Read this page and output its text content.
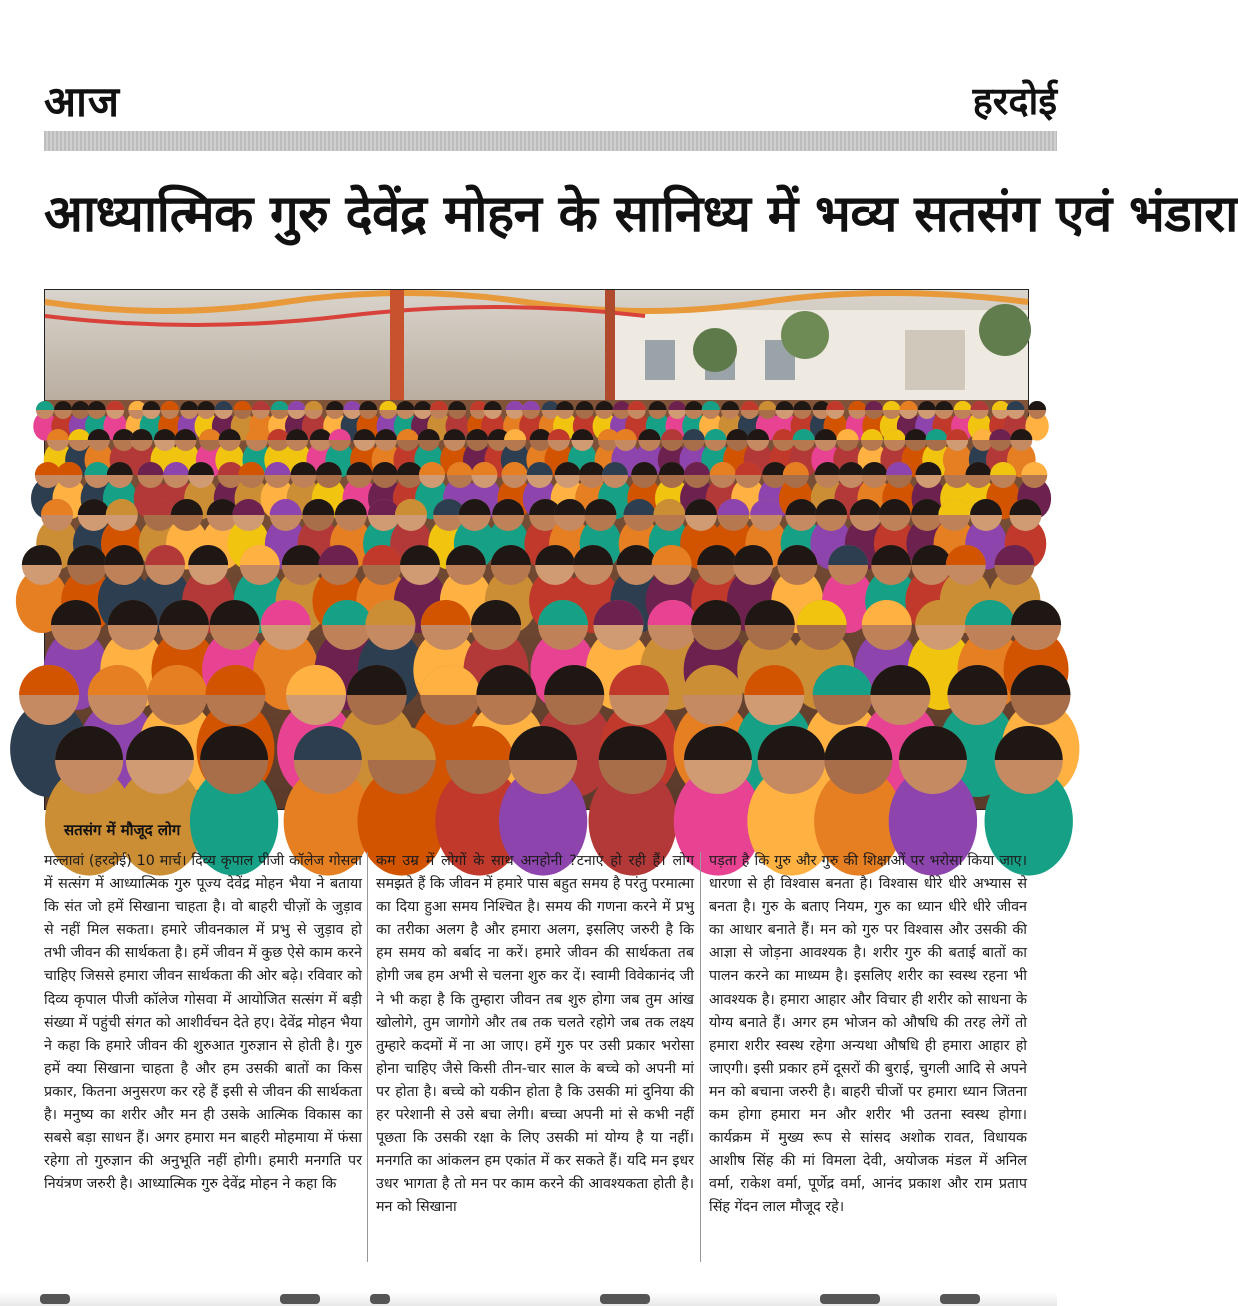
आज	हरदोई
आध्यात्मिक गुरु देवेंद्र मोहन के सानिध्य में भव्य सतसंग एवं भंडारा
सतसंग में मौजूद लोग
मल्लावां (हरदोई) 10 मार्च। दिव्य कृपाल पीजी कॉलेज गोसवा में सत्संग में आध्यात्मिक गुरु पूज्य देवेंद्र मोहन भैया ने बताया कि संत जो हमें सिखाना चाहता है। वो बाहरी चीज़ों के जुड़ाव से नहीं मिल सकता। हमारे जीवनकाल में प्रभु से जुड़ाव हो तभी जीवन की सार्थकता है। हमें जीवन में कुछ ऐसे काम करने चाहिए जिससे हमारा जीवन सार्थकता की ओर बढ़े। रविवार को दिव्य कृपाल पीजी कॉलेज गोसवा में आयोजित सत्संग में बड़ी संख्या में पहुंची संगत को आशीर्वचन देते हए। देवेंद्र मोहन भैया ने कहा कि हमारे जीवन की शुरुआत गुरुज्ञान से होती है। गुरु हमें क्या सिखाना चाहता है और हम उसकी बातों का किस प्रकार, कितना अनुसरण कर रहे हैं इसी से जीवन की सार्थकता है। मनुष्य का शरीर और मन ही उसके आत्मिक विकास का सबसे बड़ा साधन हैं। अगर हमारा मन बाहरी मोहमाया में फंसा रहेगा तो गुरुज्ञान की अनुभूति नहीं होगी। हमारी मनगति पर नियंत्रण जरुरी है। आध्यात्मिक गुरु देवेंद्र मोहन ने कहा कि
कम उम्र में लोगों के साथ अनहोनी ?टनाएं हो रही हैं। लोग समझते हैं कि जीवन में हमारे पास बहुत समय है परंतु परमात्मा का दिया हुआ समय निश्चित है। समय की गणना करने में प्रभु का तरीका अलग है और हमारा अलग, इसलिए जरुरी है कि हम समय को बर्बाद ना करें। हमारे जीवन की सार्थकता तब होगी जब हम अभी से चलना शुरु कर दें। स्वामी विवेकानंद जी ने भी कहा है कि तुम्हारा जीवन तब शुरु होगा जब तुम आंख खोलोगे, तुम जागोगे और तब तक चलते रहोगे जब तक लक्ष्य तुम्हारे कदमों में ना आ जाए। हमें गुरु पर उसी प्रकार भरोसा होना चाहिए जैसे किसी तीन-चार साल के बच्चे को अपनी मां पर होता है। बच्चे को यकीन होता है कि उसकी मां दुनिया की हर परेशानी से उसे बचा लेगी। बच्चा अपनी मां से कभी नहीं पूछता कि उसकी रक्षा के लिए उसकी मां योग्य है या नहीं। मनगति का आंकलन हम एकांत में कर सकते हैं। यदि मन इधर उधर भागता है तो मन पर काम करने की आवश्यकता होती है। मन को सिखाना
पड़ता है कि गुरु और गुरु की शिक्षाओं पर भरोसा किया जाए। धारणा से ही विश्वास बनता है। विश्वास धीरे धीरे अभ्यास से बनता है। गुरु के बताए नियम, गुरु का ध्यान धीरे धीरे जीवन का आधार बनाते हैं। मन को गुरु पर विश्वास और उसकी की आज्ञा से जोड़ना आवश्यक है। शरीर गुरु की बताई बातों का पालन करने का माध्यम है। इसलिए शरीर का स्वस्थ रहना भी आवश्यक है। हमारा आहार और विचार ही शरीर को साधना के योग्य बनाते हैं। अगर हम भोजन को औषधि की तरह लेगें तो हमारा शरीर स्वस्थ रहेगा अन्यथा औषधि ही हमारा आहार हो जाएगी। इसी प्रकार हमें दूसरों की बुराई, चुगली आदि से अपने मन को बचाना जरुरी है। बाहरी चीजों पर हमारा ध्यान जितना कम होगा हमारा मन और शरीर भी उतना स्वस्थ होगा। कार्यक्रम में मुख्य रूप से सांसद अशोक रावत, विधायक आशीष सिंह की मां विमला देवी, अयोजक मंडल में अनिल वर्मा, राकेश वर्मा, पूर्णेद्र वर्मा, आनंद प्रकाश और राम प्रताप सिंह गेंदन लाल मौजूद रहे।
